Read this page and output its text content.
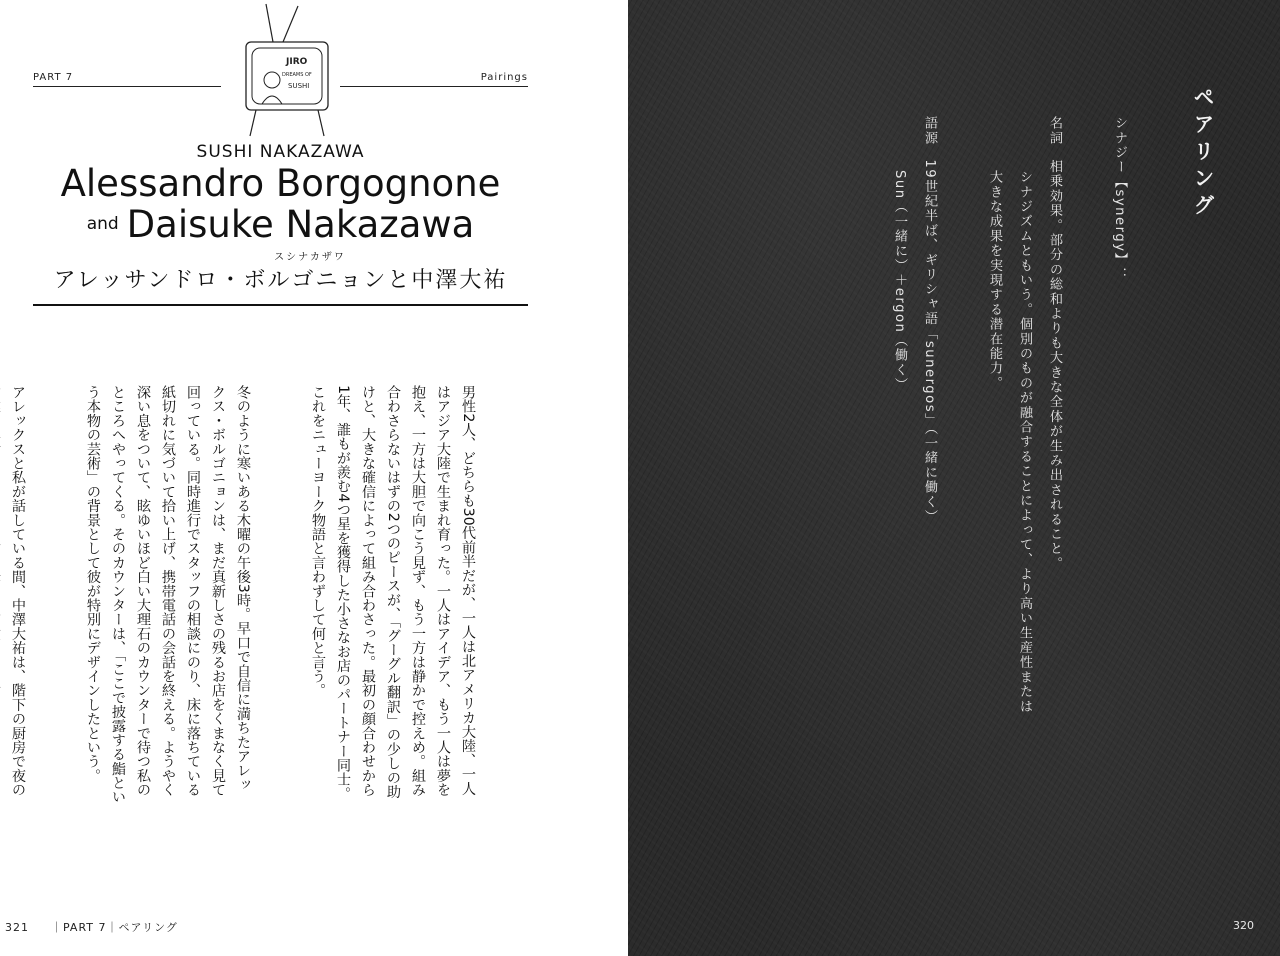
PART 7	Pairings
JIRO
DREAMS OF
SUSHI
SUSHI NAKAZAWA
Alessandro Borgognone
and Daisuke Nakazawa
スシナカザワ
アレッサンドロ・ボルゴニョンと中澤大祐

男性2人、どちらも30代前半だが、一人は北アメリカ大陸、一人はアジア大陸で生まれ育った。一人はアイデア、もう一人は夢を抱え、一方は大胆で向こう見ず、もう一方は静かで控えめ。組み合わさらないはずの2つのピースが、「グーグル翻訳」の少しの助けと、大きな確信によって組み合わさった。最初の顔合わせから1年、誰もが羨む4つ星を獲得した小さなお店のパートナー同士。これをニューヨーク物語と言わずして何と言う。

冬のように寒いある木曜の午後3時。早口で自信に満ちたアレックス・ボルゴニョンは、まだ真新しさの残るお店をくまなく見て回っている。同時進行でスタッフの相談にのり、床に落ちている紙切れに気づいて拾い上げ、携帯電話の会話を終える。ようやく深い息をついて、眩ゆいほど白い大理石のカウンターで待つ私のところへやってくる。そのカウンターは、「ここで披露する鮨という本物の芸術」の背景として彼が特別にデザインしたという。

アレックスと私が話している間、中澤大祐は、階下の厨房で夜の

321 ｜PART 7｜ペアリング
ペアリング
シナジー【synergy】：
名詞相乗効果。部分の総和よりも大きな全体が生み出されること。
シナジズムともいう。個別のものが融合することによって、より高い生産性または
大きな成果を実現する潜在能力。
語源19世紀半ば、ギリシャ語「sunergos」（一緒に働く）
Sun（一緒に）＋ergon（働く）
320
